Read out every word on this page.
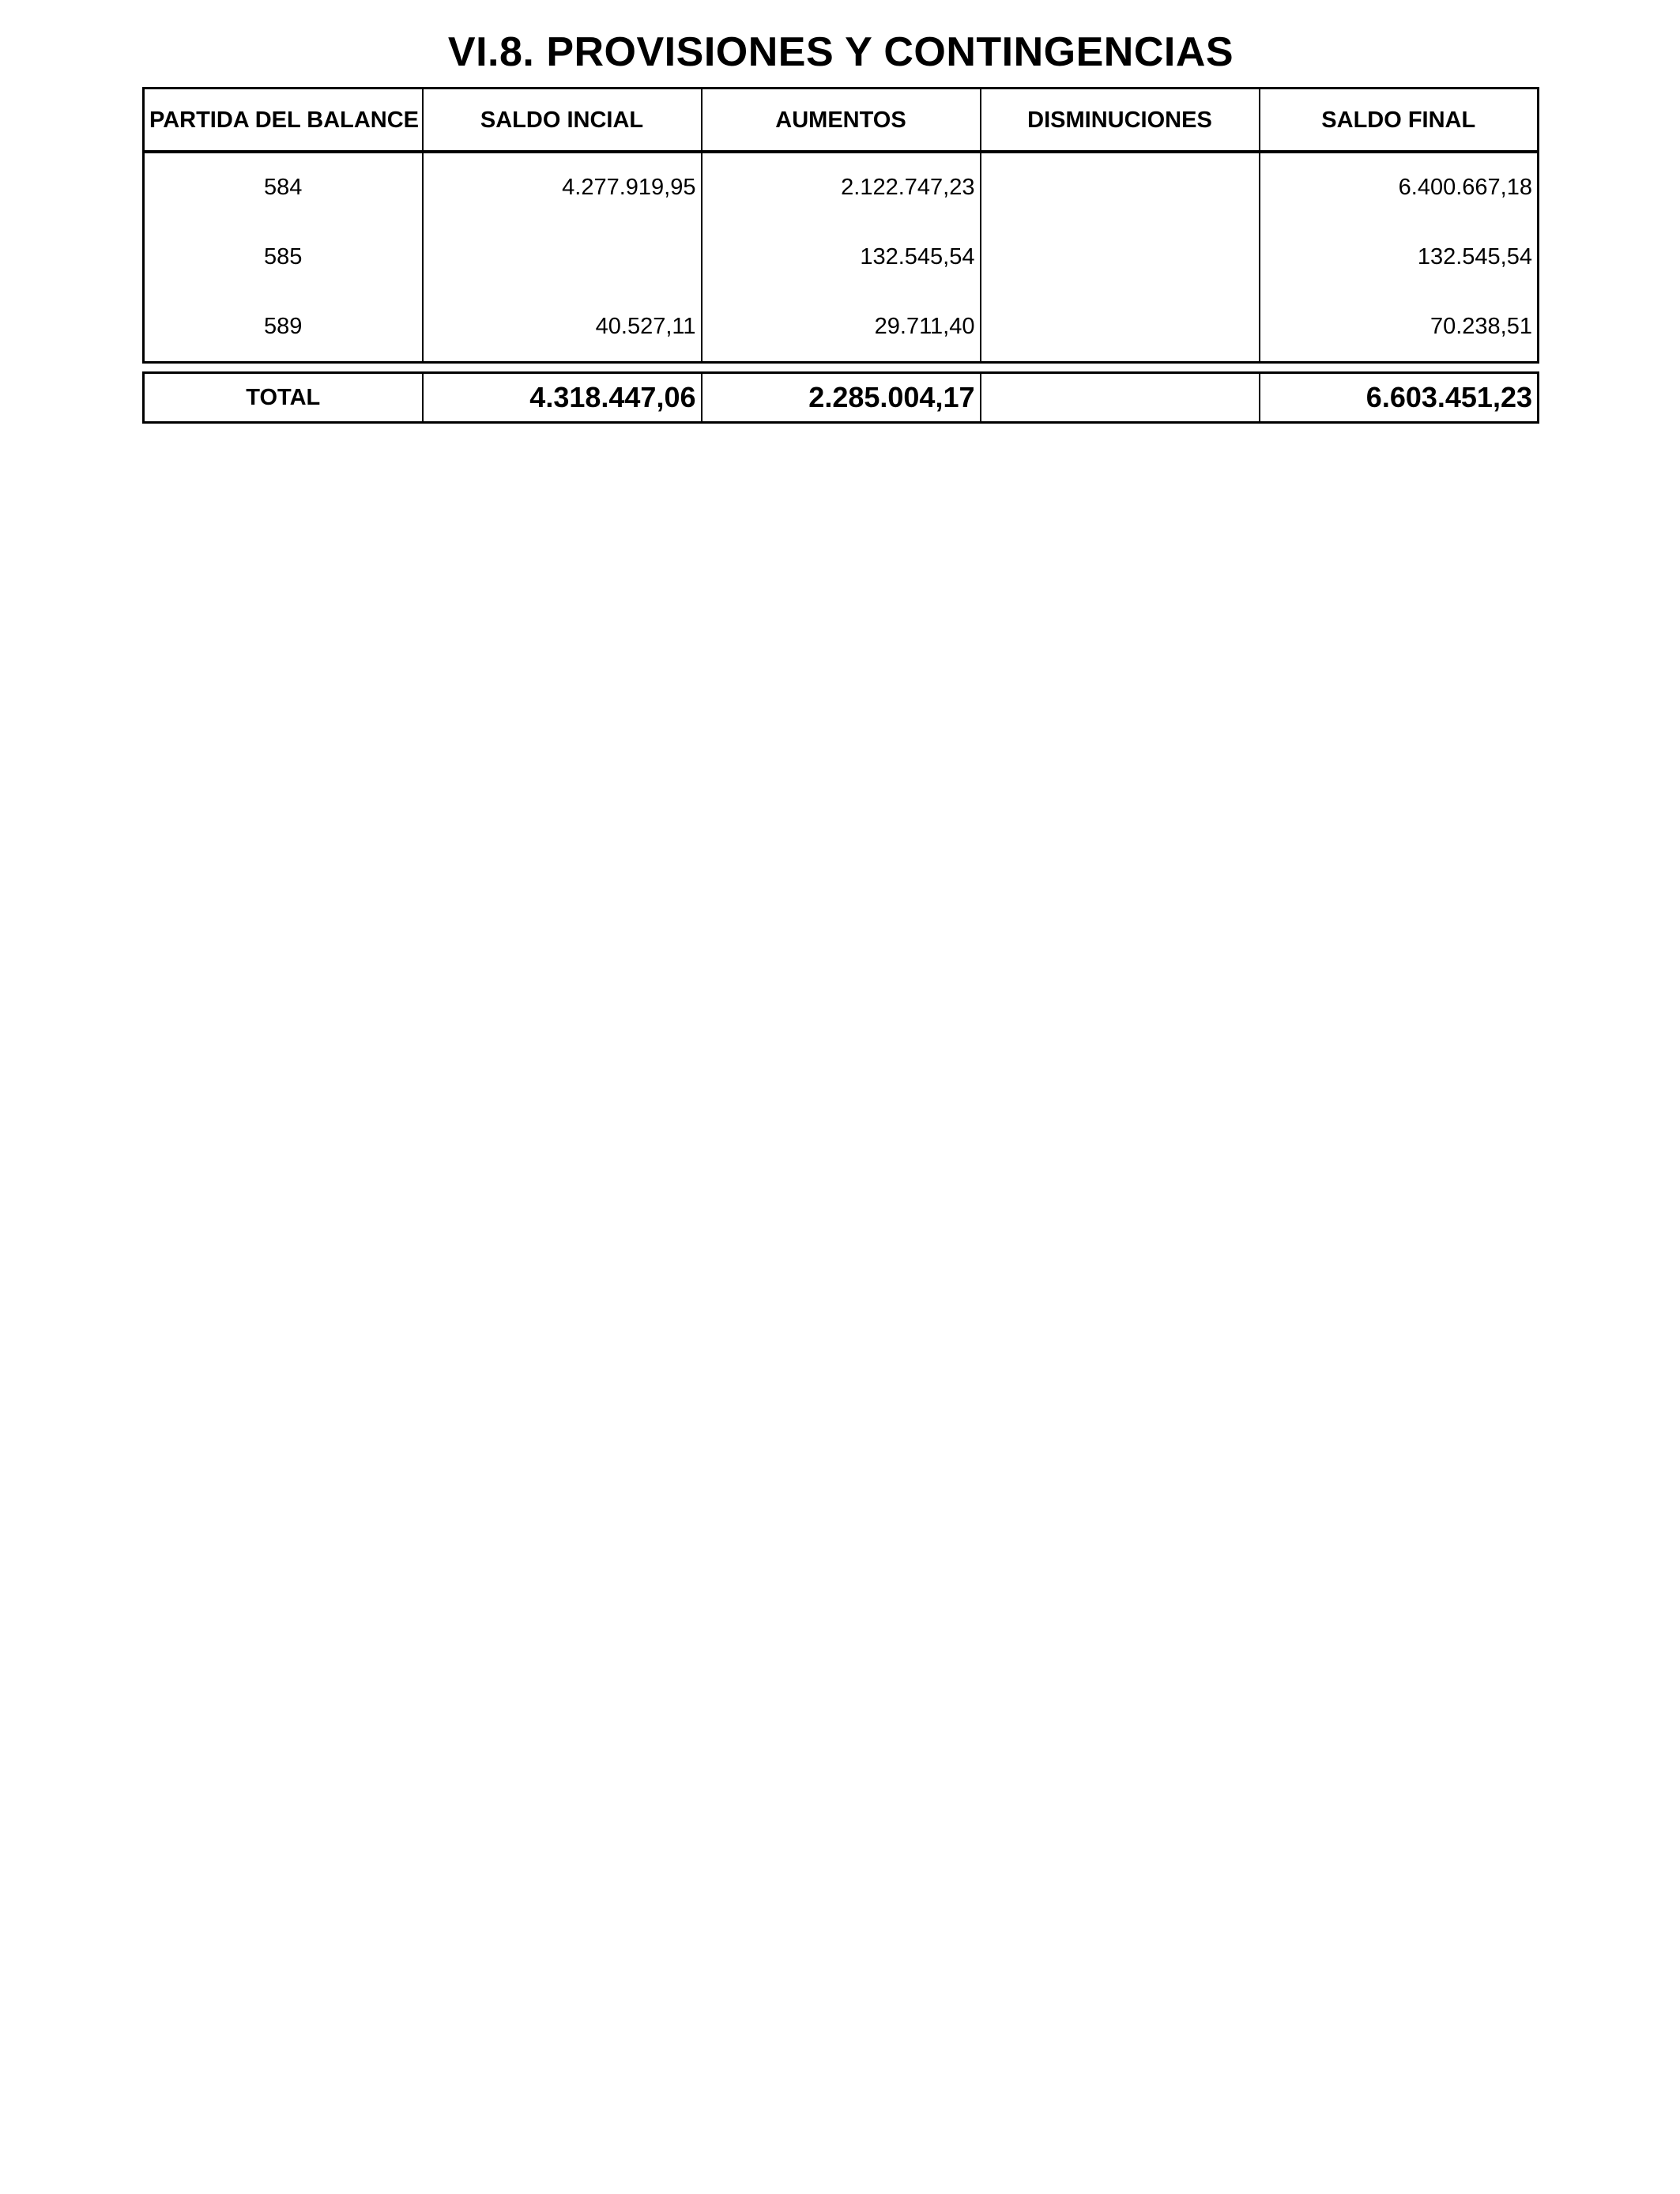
VI.8. PROVISIONES Y CONTINGENCIAS
PARTIDA DEL BALANCE	SALDO INCIAL	AUMENTOS	DISMINUCIONES	SALDO FINAL
584	4.277.919,95	2.122.747,23		6.400.667,18
585		132.545,54		132.545,54
589	40.527,11	29.711,40		70.238,51
TOTAL	4.318.447,06	2.285.004,17		6.603.451,23
